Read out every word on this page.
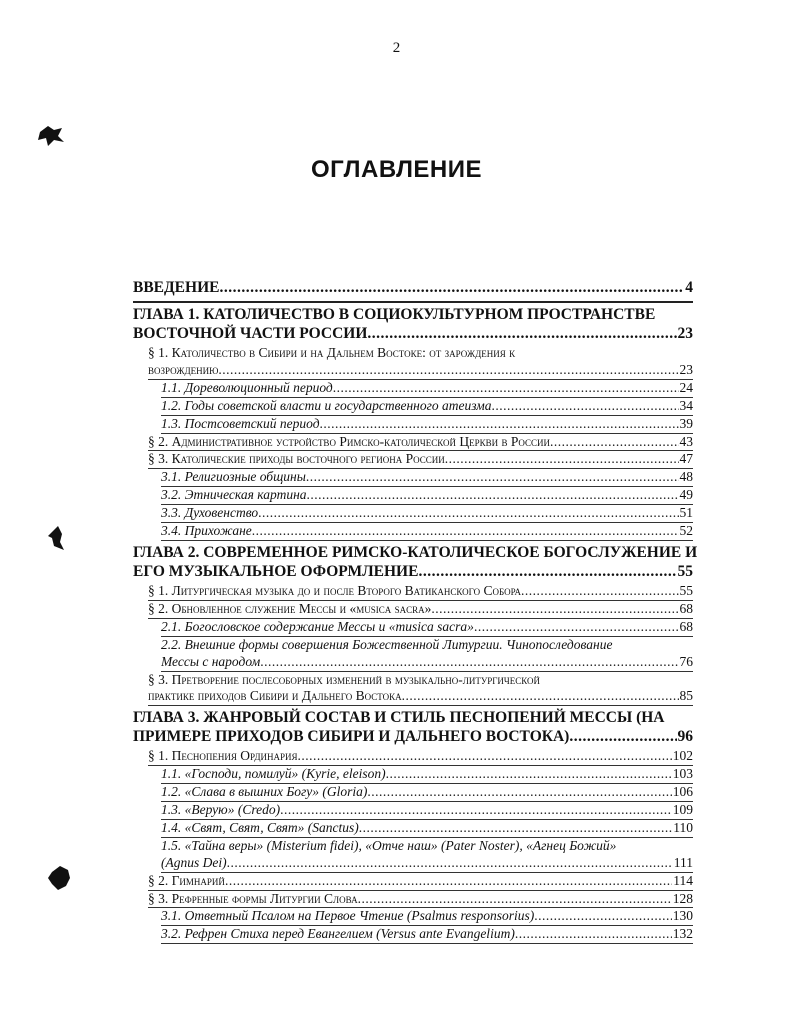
2
ОГЛАВЛЕНИЕ
ВВЕДЕНИЕ .....	4
ГЛАВА 1. КАТОЛИЧЕСТВО В СОЦИОКУЛЬТУРНОМ ПРОСТРАНСТВЕ
ВОСТОЧНОЙ ЧАСТИ РОССИИ .....	23
§ 1. Католичество в Сибири и на Дальнем Востоке: от зарождения к
возрождению .....	23
1.1. Дореволюционный период .....	24
1.2. Годы советской власти и государственного атеизма .....	34
1.3. Постсоветский период .....	39
§ 2. Административное устройство Римско-католической Церкви в России .....	43
§ 3. Католические приходы восточного региона России .....	47
3.1. Религиозные общины .....	48
3.2. Этническая картина .....	49
3.3. Духовенство .....	51
3.4. Прихожане .....	52
ГЛАВА 2. СОВРЕМЕННОЕ РИМСКО-КАТОЛИЧЕСКОЕ БОГОСЛУЖЕНИЕ И
ЕГО МУЗЫКАЛЬНОЕ ОФОРМЛЕНИЕ .....	55
§ 1. Литургическая музыка до и после Второго Ватиканского Собора .....	55
§ 2. Обновленное служение Мессы и «musica sacra» .....	68
2.1. Богословское содержание Мессы и «musica sacra» .....	68
2.2. Внешние формы совершения Божественной Литургии. Чинопоследование
Мессы с народом .....	76
§ 3. Претворение послесоборных изменений в музыкально-литургической
практике приходов Сибири и Дальнего Востока .....	85
ГЛАВА 3. ЖАНРОВЫЙ СОСТАВ И СТИЛЬ ПЕСНОПЕНИЙ МЕССЫ (НА
ПРИМЕРЕ ПРИХОДОВ СИБИРИ И ДАЛЬНЕГО ВОСТОКА) .....	96
§ 1. Песнопения Ординария .....	102
1.1. «Господи, помилуй» (Kyrie, eleison) .....	103
1.2. «Слава в вышних Богу» (Gloria) .....	106
1.3. «Верую» (Credo) .....	109
1.4. «Свят, Свят, Свят» (Sanctus) .....	110
1.5. «Тайна веры» (Misterium fidei), «Отче наш» (Pater Noster), «Агнец Божий»
(Agnus Dei) .....	111
§ 2. Гимнарий .....	114
§ 3. Рефренные формы Литургии Слова .....	128
3.1. Ответный Псалом на Первое Чтение (Psalmus responsorius) .....	130
3.2. Рефрен Стиха перед Евангелием (Versus ante Evangelium) .....	132
